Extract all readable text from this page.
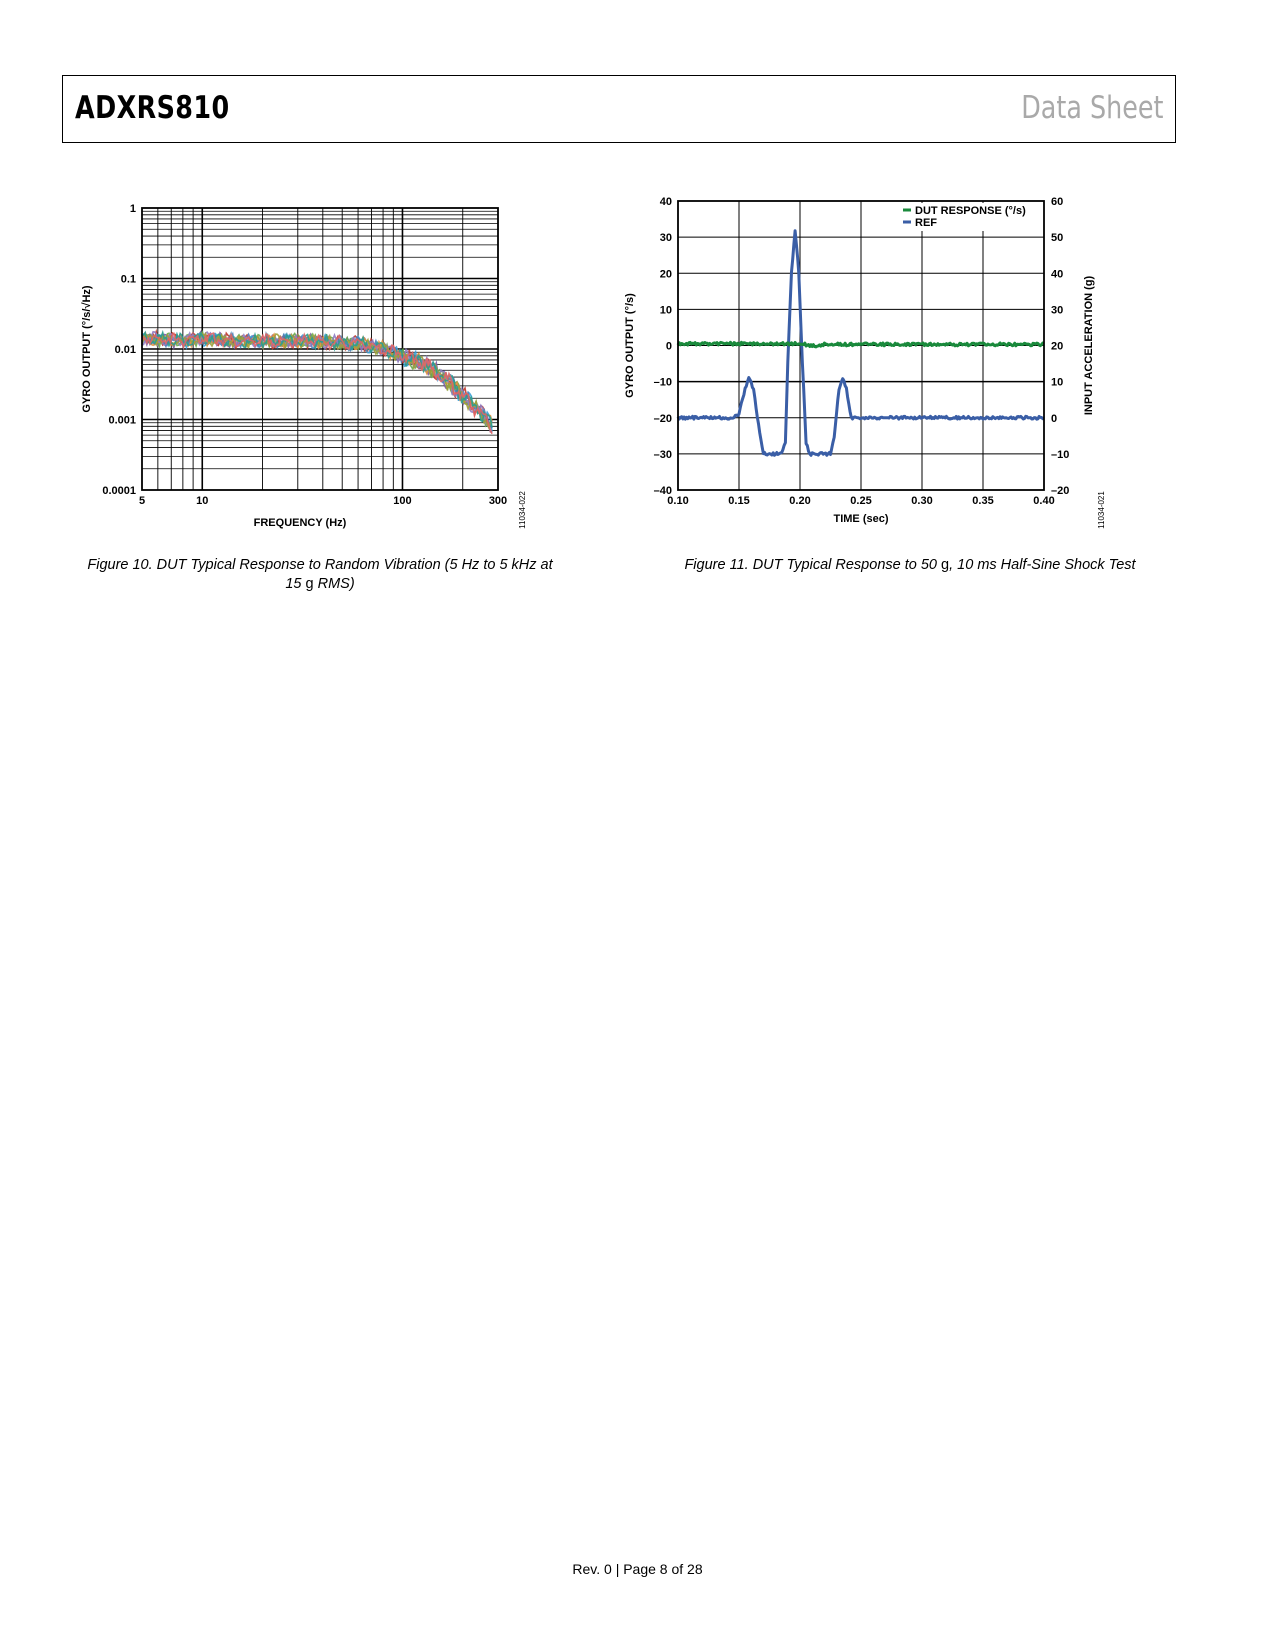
ADXRS810	Data Sheet
5	10	100	300
0.0001
0.001
0.01
0.1
1
FREQUENCY (Hz)
GYRO OUTPUT (°/s/√Hz)
11034-022
Figure 10. DUT Typical Response to Random Vibration (5 Hz to 5 kHz at 15 g RMS)
DUT RESPONSE (°/s)
REF
0.10	0.15	0.20	0.25	0.30	0.35	0.40
–40
–30
–20
–10
0
10
20
30
40
–20
–10
0
10
20
30
40
50
60
TIME (sec)
GYRO OUTPUT (°/s)	INPUT ACCELERATION (g)
11034-021
Figure 11. DUT Typical Response to 50 g, 10 ms Half-Sine Shock Test
Rev. 0 | Page 8 of 28
